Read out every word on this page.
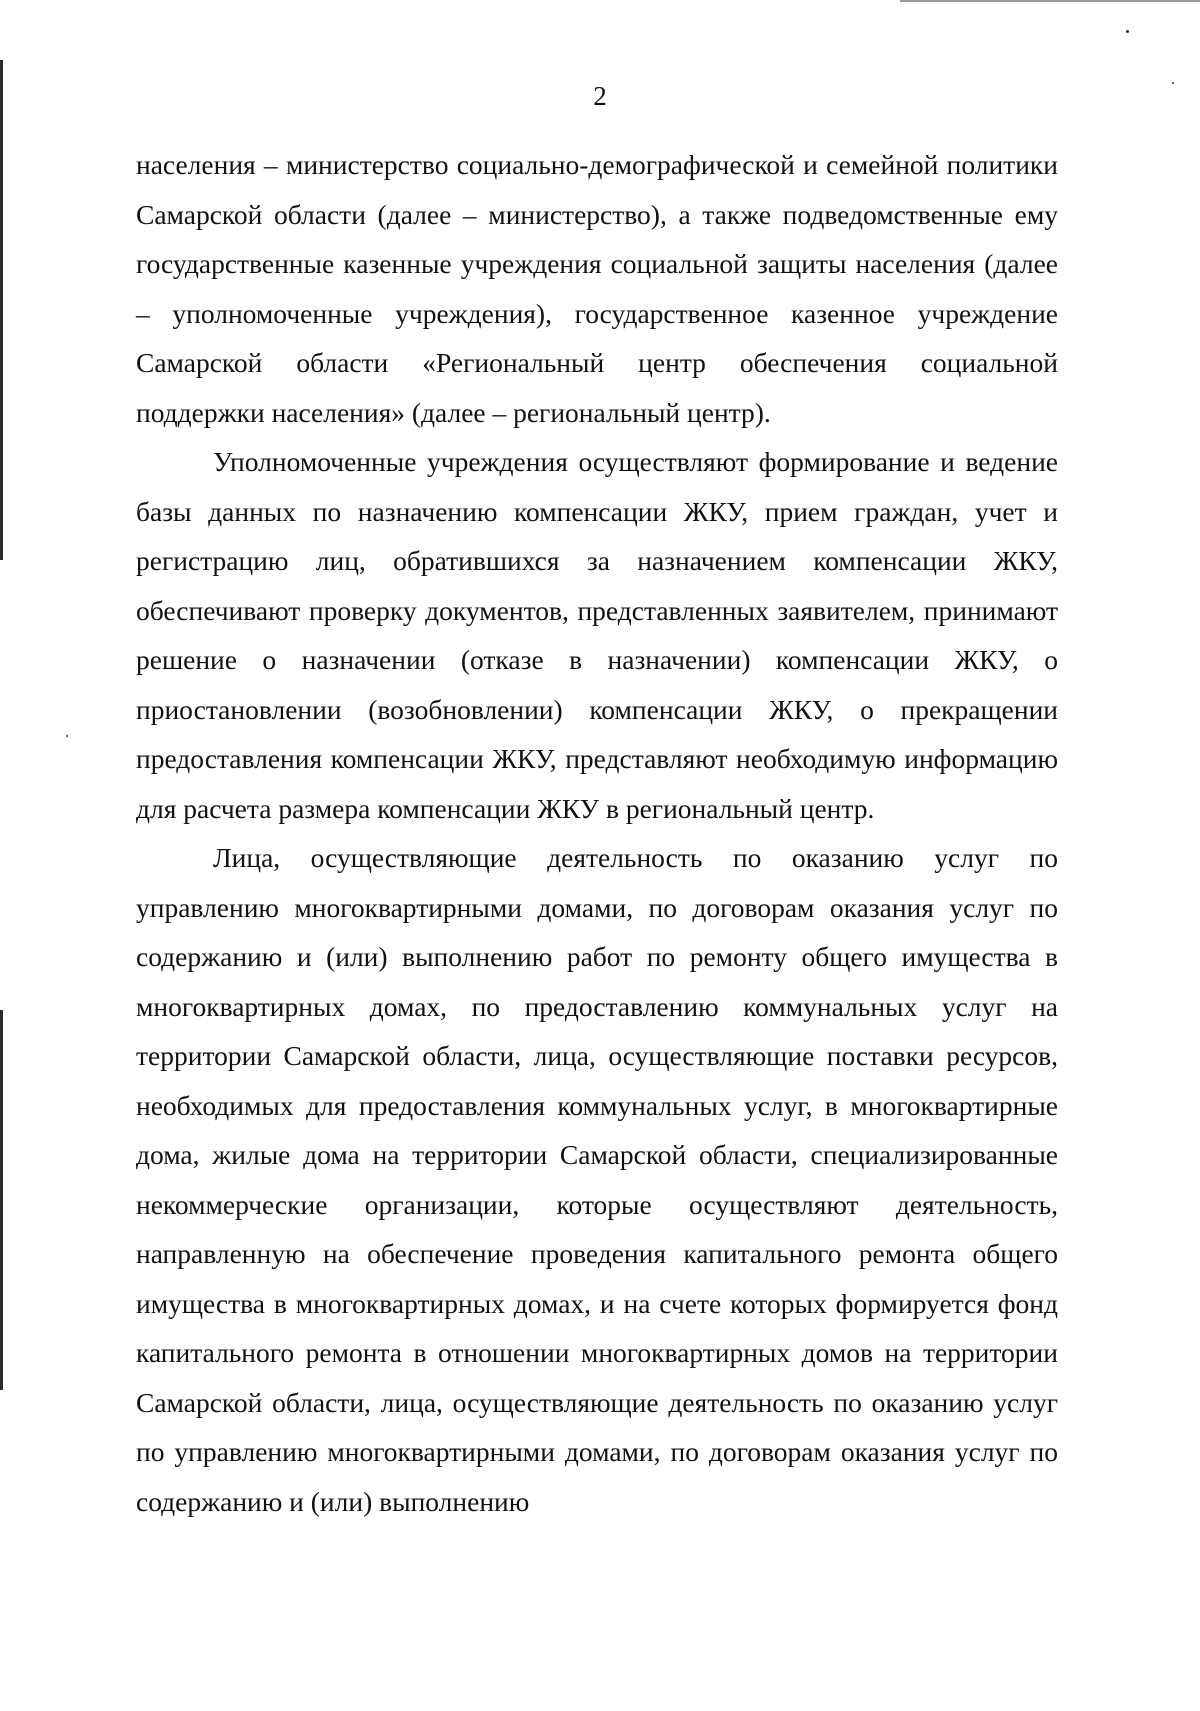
2

населения – министерство социально-демографической и семейной политики Самарской области (далее – министерство), а также подведомственные ему государственные казенные учреждения социальной защиты населения (далее – уполномоченные учреждения), государственное казенное учреждение Самарской области «Региональный центр обеспечения социальной поддержки населения» (далее – региональный центр).

Уполномоченные учреждения осуществляют формирование и ведение базы данных по назначению компенсации ЖКУ, прием граждан, учет и регистрацию лиц, обратившихся за назначением компенсации ЖКУ, обеспечивают проверку документов, представленных заявителем, принимают решение о назначении (отказе в назначении) компенсации ЖКУ, о приостановлении (возобновлении) компенсации ЖКУ, о прекращении предоставления компенсации ЖКУ, представляют необходимую информацию для расчета размера компенсации ЖКУ в региональный центр.

Лица, осуществляющие деятельность по оказанию услуг по управлению многоквартирными домами, по договорам оказания услуг по содержанию и (или) выполнению работ по ремонту общего имущества в многоквартирных домах, по предоставлению коммунальных услуг на территории Самарской области, лица, осуществляющие поставки ресурсов, необходимых для предоставления коммунальных услуг, в многоквартирные дома, жилые дома на территории Самарской области, специализированные некоммерческие организации, которые осуществляют деятельность, направленную на обеспечение проведения капитального ремонта общего имущества в многоквартирных домах, и на счете которых формируется фонд капитального ремонта в отношении многоквартирных домов на территории Самарской области, лица, осуществляющие деятельность по оказанию услуг по управлению многоквартирными домами, по договорам оказания услуг по содержанию и (или) выполнению
